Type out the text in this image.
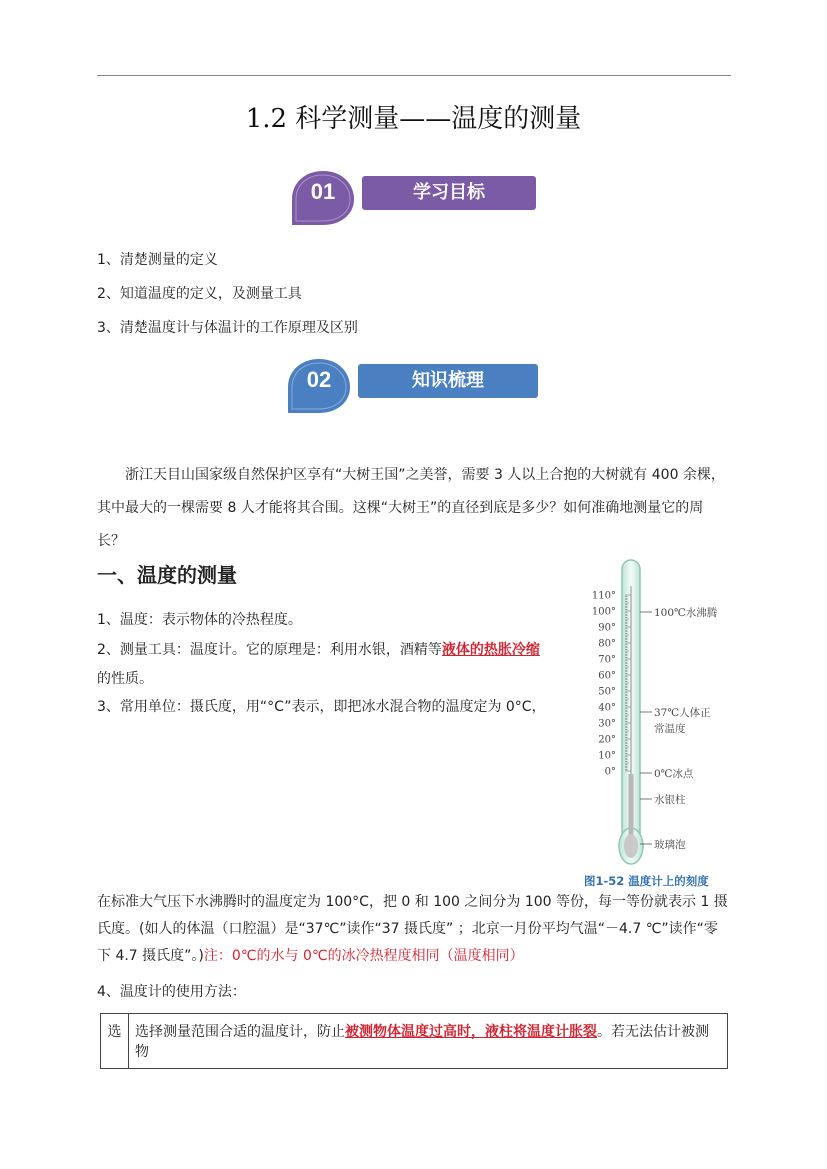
1.2 科学测量——温度的测量
01	学习目标
1、清楚测量的定义
2、知道温度的定义，及测量工具
3、清楚温度计与体温计的工作原理及区别
02	知识梳理
浙江天目山国家级自然保护区享有“大树王国”之美誉，需要 3 人以上合抱的大树就有 400 余棵，其中最大的一棵需要 8 人才能将其合围。这棵“大树王”的直径到底是多少？如何准确地测量它的周长？
一、温度的测量
1、温度：表示物体的冷热程度。
2、测量工具：温度计。它的原理是：利用水银，酒精等液体的热胀冷缩的性质。
3、常用单位：摄氏度，用“°C”表示，即把冰水混合物的温度定为 0°C，
110°
100°
90°
80°
70°
60°
50°
40°
30°
20°
10°
0°
100℃水沸腾
37℃人体正
常温度
0℃冰点
水银柱
玻璃泡
图1-52 温度计上的刻度
在标准大气压下水沸腾时的温度定为 100°C，把 0 和 100 之间分为 100 等份，每一等份就表示 1 摄氏度。(如人的体温（口腔温）是“37℃”读作“37 摄氏度” ；北京一月份平均气温“－4.7 ℃”读作“零下 4.7 摄氏度”。)注：0℃的水与 0℃的冰冷热程度相同（温度相同）
4、温度计的使用方法：
选	选择测量范围合适的温度计，防止被测物体温度过高时，液柱将温度计胀裂。若无法估计被测物
